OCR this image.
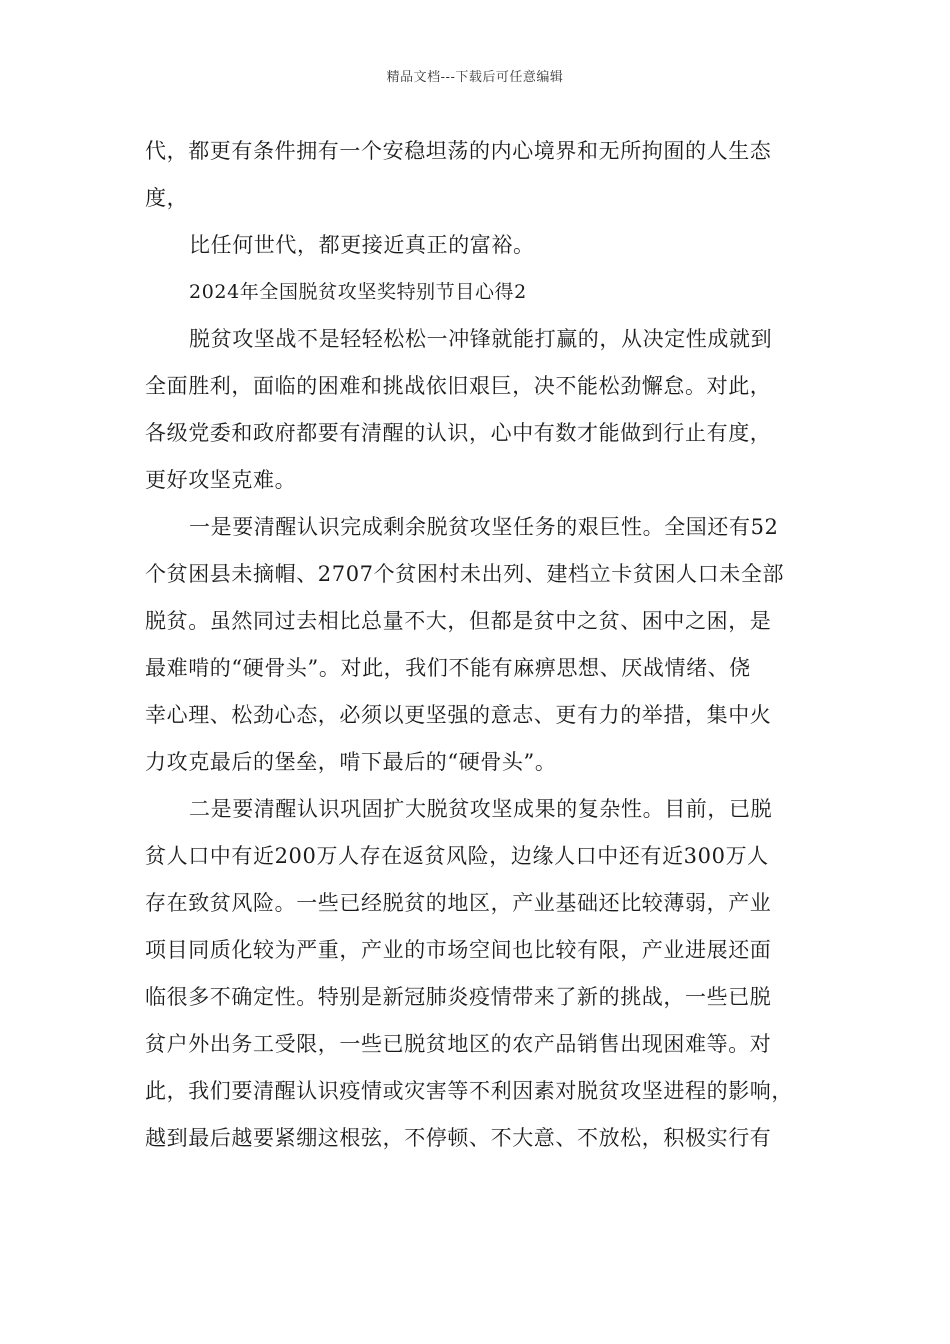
精品文档---下载后可任意编辑
代，都更有条件拥有一个安稳坦荡的内心境界和无所拘囿的人生态
度，
比任何世代，都更接近真正的富裕。
2024年全国脱贫攻坚奖特别节目心得2
脱贫攻坚战不是轻轻松松一冲锋就能打赢的，从决定性成就到
全面胜利，面临的困难和挑战依旧艰巨，决不能松劲懈怠。对此，
各级党委和政府都要有清醒的认识，心中有数才能做到行止有度，
更好攻坚克难。
一是要清醒认识完成剩余脱贫攻坚任务的艰巨性。全国还有52
个贫困县未摘帽、2707个贫困村未出列、建档立卡贫困人口未全部
脱贫。虽然同过去相比总量不大，但都是贫中之贫、困中之困，是
最难啃的“硬骨头”。对此，我们不能有麻痹思想、厌战情绪、侥
幸心理、松劲心态，必须以更坚强的意志、更有力的举措，集中火
力攻克最后的堡垒，啃下最后的“硬骨头”。
二是要清醒认识巩固扩大脱贫攻坚成果的复杂性。目前，已脱
贫人口中有近200万人存在返贫风险，边缘人口中还有近300万人
存在致贫风险。一些已经脱贫的地区，产业基础还比较薄弱，产业
项目同质化较为严重，产业的市场空间也比较有限，产业进展还面
临很多不确定性。特别是新冠肺炎疫情带来了新的挑战，一些已脱
贫户外出务工受限，一些已脱贫地区的农产品销售出现困难等。对
此，我们要清醒认识疫情或灾害等不利因素对脱贫攻坚进程的影响，
越到最后越要紧绷这根弦，不停顿、不大意、不放松，积极实行有
